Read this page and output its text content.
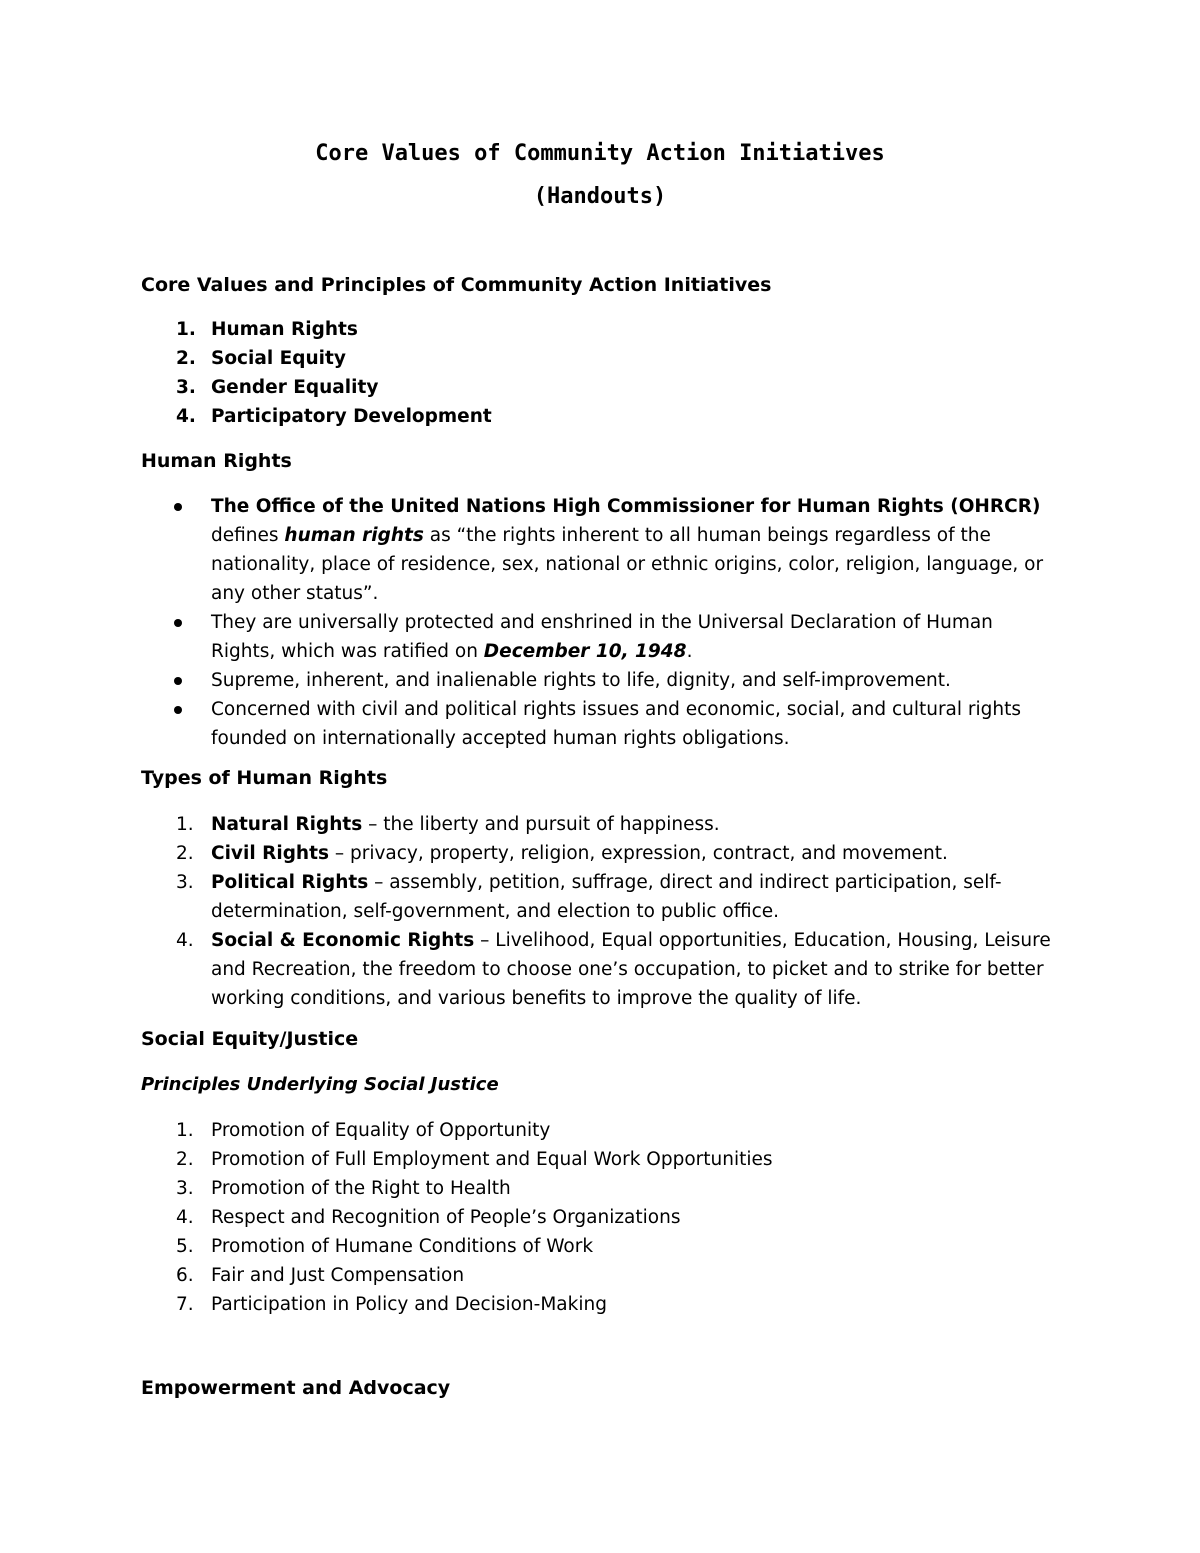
Core Values of Community Action Initiatives
(Handouts)
Core Values and Principles of Community Action Initiatives
1. Human Rights
2. Social Equity
3. Gender Equality
4. Participatory Development
Human Rights
The Office of the United Nations High Commissioner for Human Rights (OHRCR) defines human rights as “the rights inherent to all human beings regardless of the nationality, place of residence, sex, national or ethnic origins, color, religion, language, or any other status”.
They are universally protected and enshrined in the Universal Declaration of Human Rights, which was ratified on December 10, 1948.
Supreme, inherent, and inalienable rights to life, dignity, and self-improvement.
Concerned with civil and political rights issues and economic, social, and cultural rights founded on internationally accepted human rights obligations.
Types of Human Rights
1. Natural Rights – the liberty and pursuit of happiness.
2. Civil Rights – privacy, property, religion, expression, contract, and movement.
3. Political Rights – assembly, petition, suffrage, direct and indirect participation, self-determination, self-government, and election to public office.
4. Social & Economic Rights – Livelihood, Equal opportunities, Education, Housing, Leisure and Recreation, the freedom to choose one’s occupation, to picket and to strike for better working conditions, and various benefits to improve the quality of life.
Social Equity/Justice
Principles Underlying Social Justice
1. Promotion of Equality of Opportunity
2. Promotion of Full Employment and Equal Work Opportunities
3. Promotion of the Right to Health
4. Respect and Recognition of People’s Organizations
5. Promotion of Humane Conditions of Work
6. Fair and Just Compensation
7. Participation in Policy and Decision-Making
Empowerment and Advocacy
